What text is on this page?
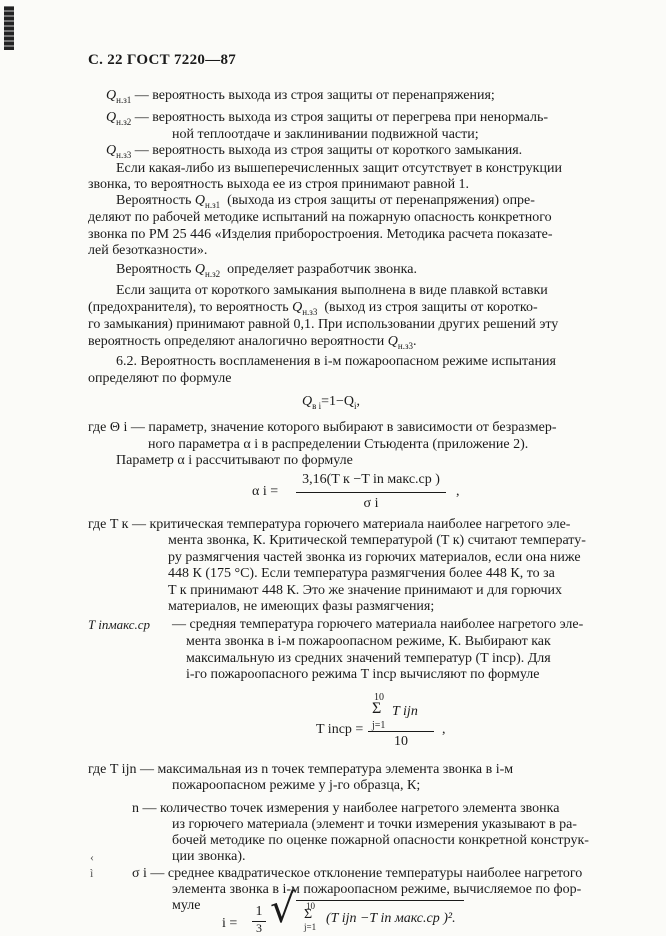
С. 22 ГОСТ 7220—87
$Q_{н.з1}$ — вероятность выхода из строя защиты от перенапряжения;
$Q_{н.з2}$ — вероятность выхода из строя защиты от перегрева при ненормаль-
ной теплоотдаче и заклинивании подвижной части;
$Q_{н.з3}$ — вероятность выхода из строя защиты от короткого замыкания.
Если какая-либо из вышеперечисленных защит отсутствует в конструкции
звонка, то вероятность выхода ее из строя принимают равной 1.
Вероятность $Q_{н.з1}$ (выхода из строя защиты от перенапряжения) опре-
деляют по рабочей методике испытаний на пожарную опасность конкретного
звонка по РМ 25 446 «Изделия приборостроения. Методика расчета показате-
лей безотказности».
Вероятность $Q_{н.з2}$ определяет разработчик звонка.
Если защита от короткого замыкания выполнена в виде плавкой вставки
(предохранителя), то вероятность $Q_{н.з3}$ (выход из строя защиты от коротко-
го замыкания) принимают равной 0,1. При использовании других решений эту
вероятность определяют аналогично вероятности $Q_{н.з3}$.
6.2. Вероятность воспламенения в i-м пожароопасном режиме испытания
определяют по формуле
$Q_{в i}=1-Q_i$,
где Θ i — параметр, значение которого выбирают в зависимости от безразмер-
ного параметра α i в распределении Стьюдента (приложение 2).
Параметр α i рассчитывают по формуле
α i =
3,16(T к −T in макс.ср )
σ i
,
где T к — критическая температура горючего материала наиболее нагретого эле-
мента звонка, К. Критической температурой (T к) считают температу-
ру размягчения частей звонка из горючих материалов, если она ниже
448 К (175 °С). Если температура размягчения более 448 К, то за
T к принимают 448 К. Это же значение принимают и для горючих
материалов, не имеющих фазы размягчения;
T inмакс.ср — средняя температура горючего материала наиболее нагретого эле-
мента звонка в i-м пожароопасном режиме, К. Выбирают как
максимальную из средних значений температур (T inср). Для
i-го пожароопасного режима T inср вычисляют по формуле
T inср =
10
Σ T ijn
j=1
10
,
где T ijn — максимальная из n точек температура элемента звонка в i-м
пожароопасном режиме у j-го образца, К;
n — количество точек измерения у наиболее нагретого элемента звонка
из горючего материала (элемент и точки измерения указывают в ра-
бочей методике по оценке пожарной опасности конкретной конструк-
ции звонка).
‹
ì	σ i — среднее квадратическое отклонение температуры наиболее нагретого
элемента звонка в i-м пожароопасном режиме, вычисляемое по фор-
муле
i =
1
3 √ 10
Σ (T ijn −T in макс.ср )².
j=1
